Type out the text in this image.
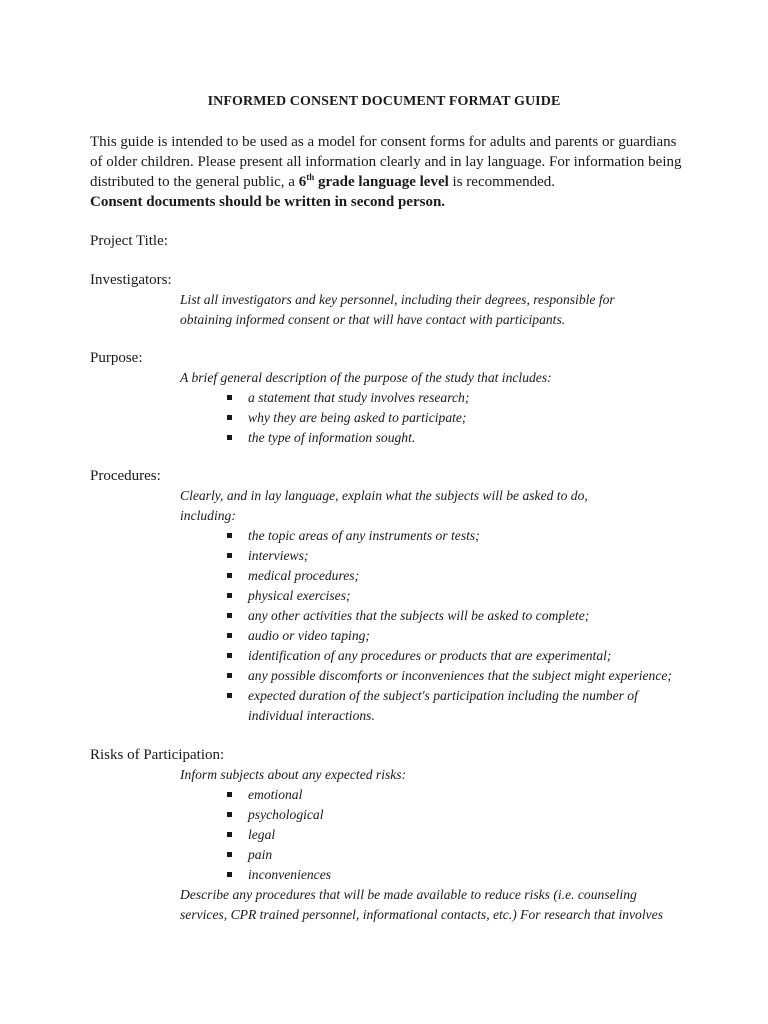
INFORMED CONSENT DOCUMENT FORMAT GUIDE

This guide is intended to be used as a model for consent forms for adults and parents or guardians of older children. Please present all information clearly and in lay language. For information being distributed to the general public, a 6th grade language level is recommended.
Consent documents should be written in second person.

Project Title:
Investigators:

List all investigators and key personnel, including their degrees, responsible for obtaining informed consent or that will have contact with participants.

Purpose:

A brief general description of the purpose of the study that includes:

a statement that study involves research;
why they are being asked to participate;
the type of information sought.
Procedures:

Clearly, and in lay language, explain what the subjects will be asked to do, including:

the topic areas of any instruments or tests;
interviews;
medical procedures;
physical exercises;
any other activities that the subjects will be asked to complete;
audio or video taping;
identification of any procedures or products that are experimental;
any possible discomforts or inconveniences that the subject might experience;
expected duration of the subject's participation including the number of individual interactions.
Risks of Participation:

Inform subjects about any expected risks:

emotional
psychological
legal
pain
inconveniences

Describe any procedures that will be made available to reduce risks (i.e. counseling services, CPR trained personnel, informational contacts, etc.) For research that involves
